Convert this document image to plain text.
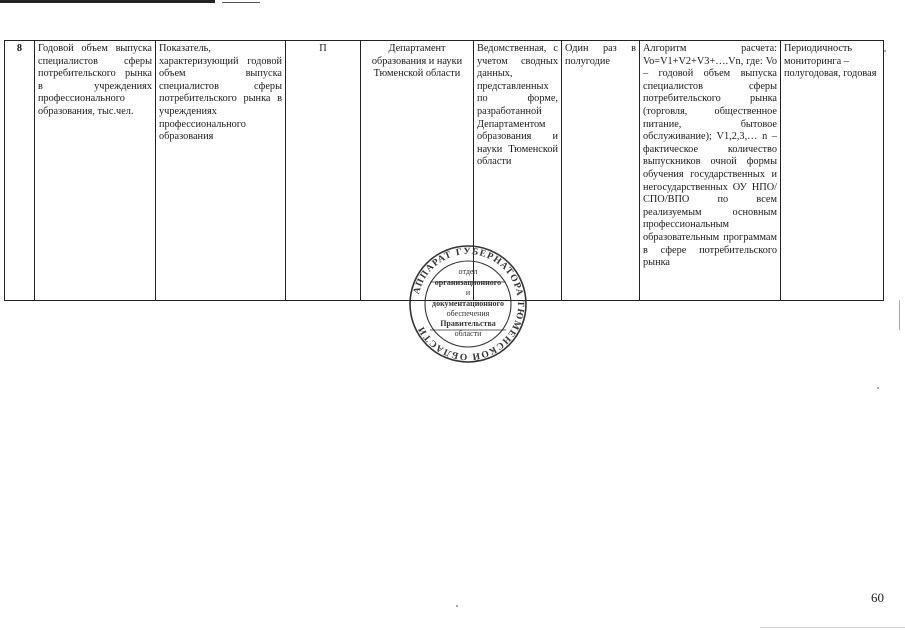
8	Годовой объем выпуска специалистов сферы потребительского рынка в учреждениях профессионального образования, тыс.чел.	Показатель, характеризующий годовой объем выпуска специалистов сферы потребительского рынка в учреждениях профессионального образования	П	Департамент образования и науки Тюменской области	Ведомственная, с учетом сводных данных, представленных по форме, разработанной Департаментом образования и науки Тюменской области	Один раз в полугодие	Алгоритм расчета: Vo=V1+V2+V3+….Vn, где: Vo – годовой объем выпуска специалистов сферы потребительского рынка (торговля, общественное питание, бытовое обслуживание); V1,2,3,… n – фактическое количество выпускников очной формы обучения государственных и негосударственных ОУ НПО/СПО/ВПО по всем реализуемым основным профессиональным образовательным программам в сфере потребительского рынка	Периодичность мониторинга – полугодовая, годовая
АППАРАТ ГУБЕРНАТОРА ТЮМЕНСКОЙ ОБЛАСТИ
отдел
организационного
и
документационного
обеспечения
Правительства
области
60
